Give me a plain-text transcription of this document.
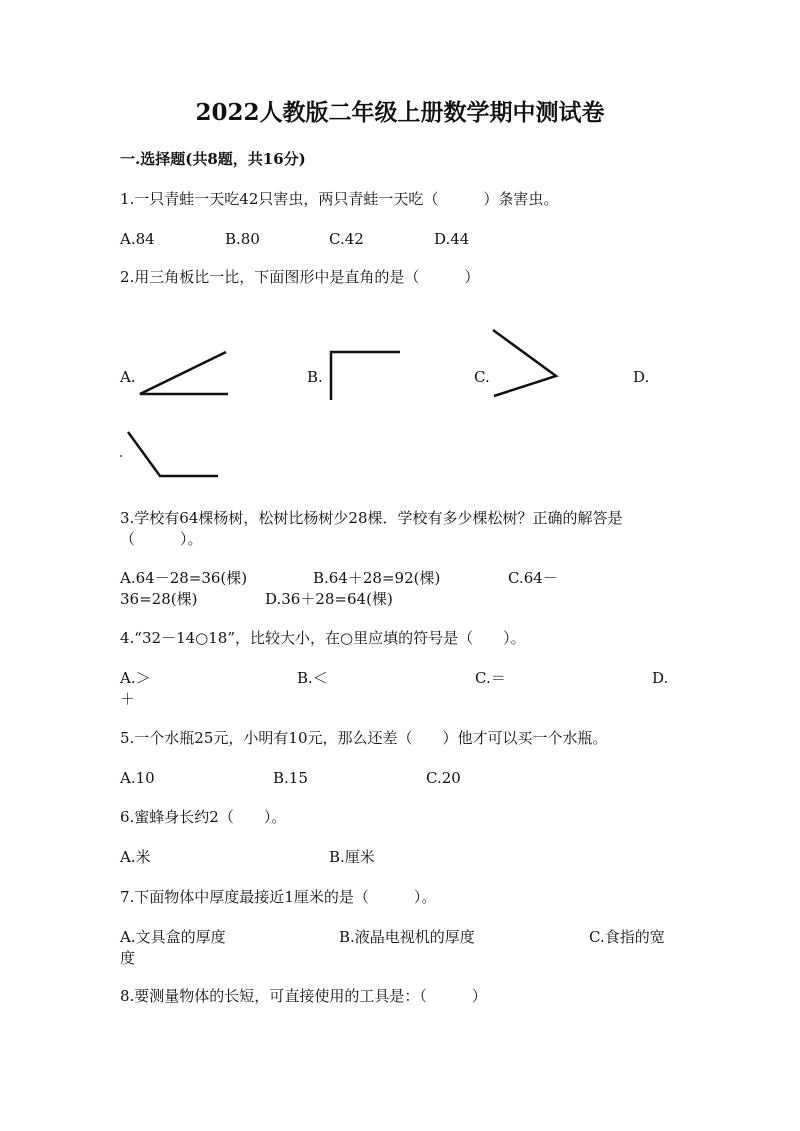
2022人教版二年级上册数学期中测试卷
一.选择题(共8题，共16分)
1.一只青蛙一天吃42只害虫，两只青蛙一天吃（　　　）条害虫。
A.84	B.80	C.42	D.44
2.用三角板比一比，下面图形中是直角的是（　　　）
A.	B.	C.	D.
3.学校有64棵杨树，松树比杨树少28棵．学校有多少棵松树？正确的解答是
（　　　）。
A.64－28=36(棵)	B.64＋28=92(棵)	C.64－
36=28(棵)	D.36＋28=64(棵)
4.“32－14○18”，比较大小，在○里应填的符号是（　　）。
A.＞	B.＜	C.＝	D.
＋
5.一个水瓶25元，小明有10元，那么还差（　　）他才可以买一个水瓶。
A.10	B.15	C.20
6.蜜蜂身长约2（　　）。
A.米	B.厘米
7.下面物体中厚度最接近1厘米的是（　　　）。
A.文具盒的厚度	B.液晶电视机的厚度	C.食指的宽
度
8.要测量物体的长短，可直接使用的工具是：（　　　）
